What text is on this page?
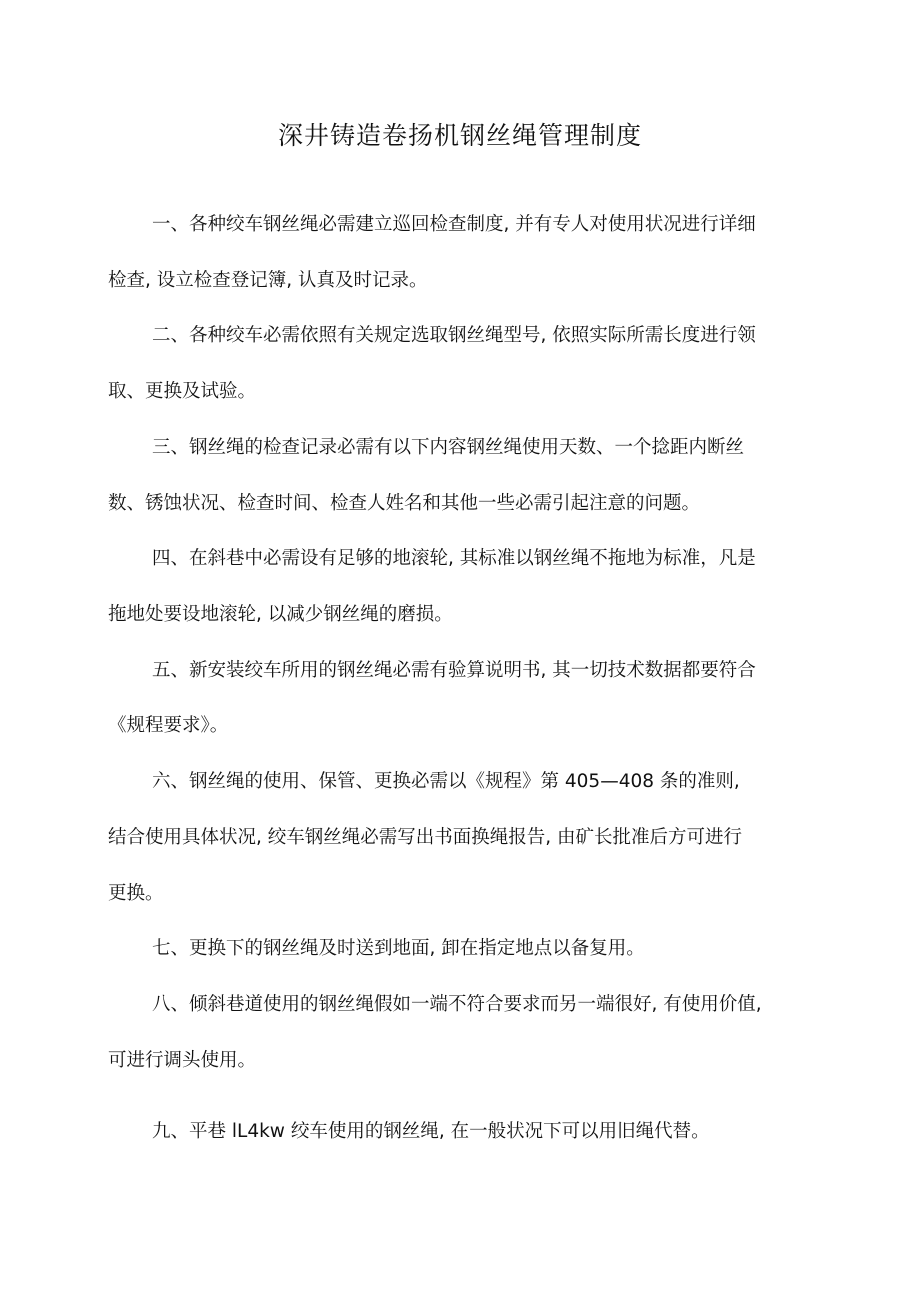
深井铸造卷扬机钢丝绳管理制度
一、各种绞车钢丝绳必需建立巡回检查制度, 并有专人对使用状况进行详细
检查, 设立检查登记簿, 认真及时记录。
二、各种绞车必需依照有关规定选取钢丝绳型号, 依照实际所需长度进行领
取、更换及试验。
三、钢丝绳的检查记录必需有以下内容钢丝绳使用天数、一个捻距内断丝
数、锈蚀状况、检查时间、检查人姓名和其他一些必需引起注意的问题。
四、在斜巷中必需设有足够的地滚轮, 其标准以钢丝绳不拖地为标准，凡是
拖地处要设地滚轮, 以减少钢丝绳的磨损。
五、新安装绞车所用的钢丝绳必需有验算说明书, 其一切技术数据都要符合
《规程要求》。
六、钢丝绳的使用、保管、更换必需以《规程》第 405—408 条的准则,
结合使用具体状况, 绞车钢丝绳必需写出书面换绳报告, 由矿长批准后方可进行
更换。
七、更换下的钢丝绳及时送到地面, 卸在指定地点以备复用。
八、倾斜巷道使用的钢丝绳假如一端不符合要求而另一端很好, 有使用价值,
可进行调头使用。
九、平巷 lL4kw 绞车使用的钢丝绳, 在一般状况下可以用旧绳代替。
